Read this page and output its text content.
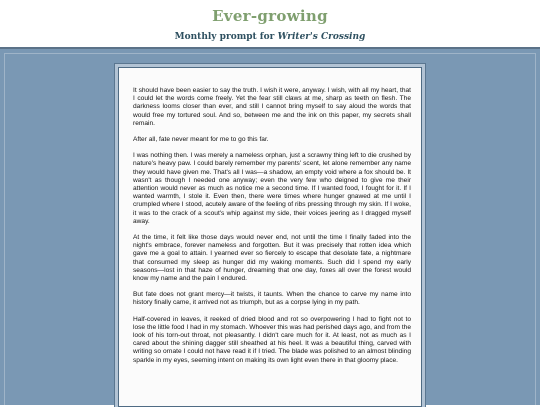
Ever-growing
Monthly prompt for Writer's Crossing

It should have been easier to say the truth. I wish it were, anyway. I wish, with all my heart, that I could let the words come freely. Yet the fear still claws at me, sharp as teeth on flesh. The darkness looms closer than ever, and still I cannot bring myself to say aloud the words that would free my tortured soul. And so, between me and the ink on this paper, my secrets shall remain.

After all, fate never meant for me to go this far.

I was nothing then. I was merely a nameless orphan, just a scrawny thing left to die crushed by nature's heavy paw. I could barely remember my parents' scent, let alone remember any name they would have given me. That's all I was—a shadow, an empty void where a fox should be. It wasn't as though I needed one anyway; even the very few who deigned to give me their attention would never as much as notice me a second time. If I wanted food, I fought for it. If I wanted warmth, I stole it. Even then, there were times where hunger gnawed at me until I crumpled where I stood, acutely aware of the feeling of ribs pressing through my skin. If I woke, it was to the crack of a scout's whip against my side, their voices jeering as I dragged myself away.

At the time, it felt like those days would never end, not until the time I finally faded into the night's embrace, forever nameless and forgotten. But it was precisely that rotten idea which gave me a goal to attain. I yearned ever so fiercely to escape that desolate fate, a nightmare that consumed my sleep as hunger did my waking moments. Such did I spend my early seasons—lost in that haze of hunger, dreaming that one day, foxes all over the forest would know my name and the pain I endured.

But fate does not grant mercy—it twists, it taunts. When the chance to carve my name into history finally came, it arrived not as triumph, but as a corpse lying in my path.

Half-covered in leaves, it reeked of dried blood and rot so overpowering I had to fight not to lose the little food I had in my stomach. Whoever this was had perished days ago, and from the look of his torn-out throat, not pleasantly. I didn't care much for it. At least, not as much as I cared about the shining dagger still sheathed at his heel. It was a beautiful thing, carved with writing so ornate I could not have read it if I tried. The blade was polished to an almost blinding sparkle in my eyes, seeming intent on making its own light even there in that gloomy place.
